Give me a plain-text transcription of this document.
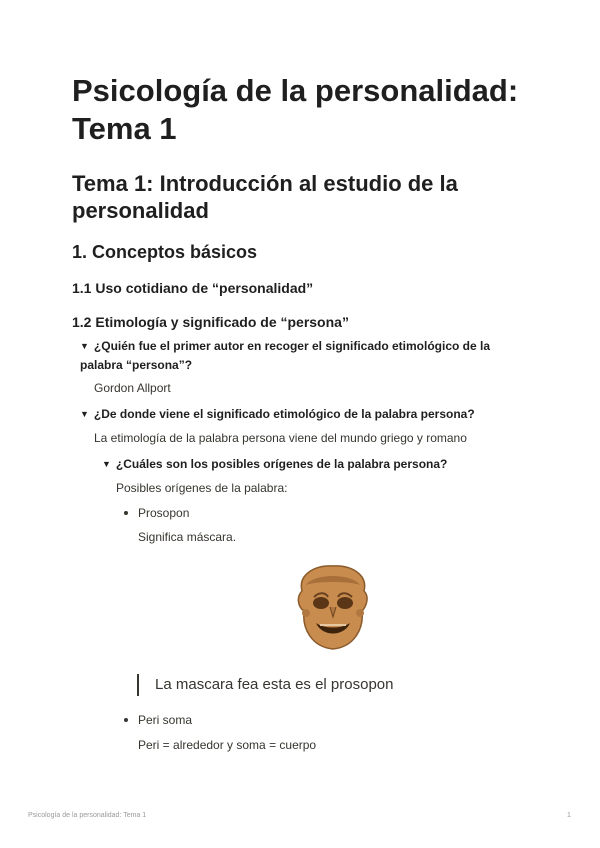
Psicología de la personalidad: Tema 1
Tema 1: Introducción al estudio de la personalidad
1. Conceptos básicos
1.1 Uso cotidiano de “personalidad”
1.2 Etimología y significado de “persona”
▼ ¿Quién fue el primer autor en recoger el significado etimológico de la palabra “persona”?
Gordon Allport
▼ ¿De donde viene el significado etimológico de la palabra persona?
La etimología de la palabra persona viene del mundo griego y romano
▼ ¿Cuáles son los posibles orígenes de la palabra persona?
Posibles orígenes de la palabra:
Prosopon
Significa máscara.
La mascara fea esta es el prosopon
Peri soma
Peri = alrededor y soma = cuerpo
Psicología de la personalidad: Tema 1	1
